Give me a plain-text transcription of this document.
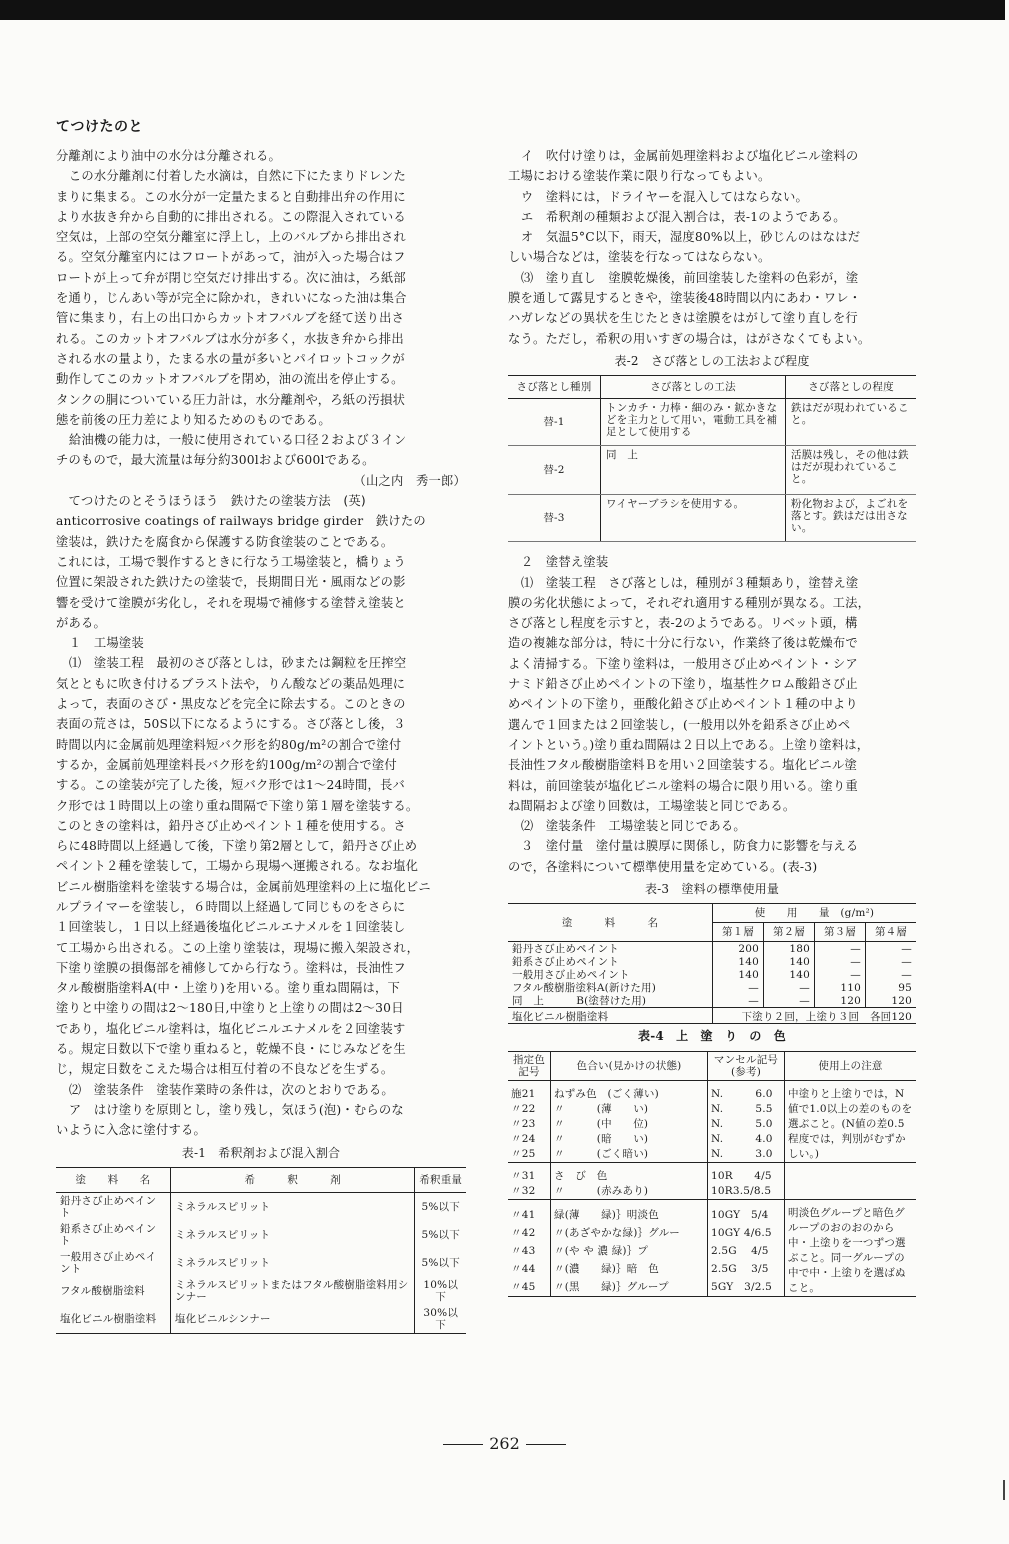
てつけたのと

分離剤により油中の水分は分離される。

この水分離剤に付着した水滴は，自然に下にたまりドレンた

まりに集まる。この水分が一定量たまると自動排出弁の作用に

より水抜き弁から自動的に排出される。この際混入されている

空気は，上部の空気分離室に浮上し，上のバルブから排出され

る。空気分離室内にはフロートがあって，油が入った場合はフ

ロートが上って弁が閉じ空気だけ排出する。次に油は，ろ紙部

を通り，じんあい等が完全に除かれ，きれいになった油は集合

管に集まり，右上の出口からカットオフバルブを経て送り出さ

れる。このカットオフバルブは水分が多く，水抜き弁から排出

される水の量より，たまる水の量が多いとパイロットコックが

動作してこのカットオフバルブを閉め，油の流出を停止する。

タンクの胴についている圧力計は，水分離剤や，ろ紙の汚損状

態を前後の圧力差により知るためのものである。

給油機の能力は，一般に使用されている口径２および３イン

チのもので，最大流量は毎分約300lおよび600lである。

（山之内　秀一郎）

　てつけたのとそうほうほう　鉄けたの塗装方法　(英)

anticorrosive coatings of railways bridge girder　鉄けたの

塗装は，鉄けたを腐食から保護する防食塗装のことである。

これには，工場で製作するときに行なう工場塗装と，橋りょう

位置に架設された鉄けたの塗装で，長期間日光・風雨などの影

響を受けて塗膜が劣化し，それを現場で補修する塗替え塗装と

がある。

１　工場塗装

⑴　塗装工程　最初のさび落としは，砂または鋼粒を圧搾空

気とともに吹き付けるブラスト法や，りん酸などの薬品処理に

よって，表面のさび・黒皮などを完全に除去する。このときの

表面の荒さは，50S以下になるようにする。さび落とし後，３

時間以内に金属前処理塗料短バク形を約80g/m²の割合で塗付

するか，金属前処理塗料長バク形を約100g/m²の割合で塗付

する。この塗装が完了した後，短バク形では1～24時間，長バ

ク形では１時間以上の塗り重ね間隔で下塗り第１層を塗装する。

このときの塗料は，鉛丹さび止めペイント１種を使用する。さ

らに48時間以上経過して後，下塗り第2層として，鉛丹さび止め

ペイント２種を塗装して，工場から現場へ運搬される。なお塩化

ビニル樹脂塗料を塗装する場合は，金属前処理塗料の上に塩化ビニ

ルプライマーを塗装し，６時間以上経過して同じものをさらに

１回塗装し，１日以上経過後塩化ビニルエナメルを１回塗装し

て工場から出される。この上塗り塗装は，現場に搬入架設され，

下塗り塗膜の損傷部を補修してから行なう。塗料は，長油性フ

タル酸樹脂塗料A(中・上塗り)を用いる。塗り重ね間隔は，下

塗りと中塗りの間は2～180日,中塗りと上塗りの間は2～30日

であり，塩化ビニル塗料は，塩化ビニルエナメルを２回塗装す

る。規定日数以下で塗り重ねると，乾燥不良・にじみなどを生

じ，規定日数をこえた場合は相互付着の不良などを生ずる。

⑵　塗装条件　塗装作業時の条件は，次のとおりである。

ア　はけ塗りを原則とし，塗り残し，気ほう(泡)・むらのな

いように入念に塗付する。

表-1　希釈剤および混入割合

塗　　料　　名	希　　　釈　　　剤	希釈重量
鉛丹さび止めペイント	ミネラルスピリット	5%以下
鉛系さび止めペイント	ミネラルスピリット	5%以下
一般用さび止めペイント	ミネラルスピリット	5%以下
フタル酸樹脂塗料	ミネラルスピリットまたはフタル酸樹脂塗料用シンナー	10%以下
塩化ビニル樹脂塗料	塩化ビニルシンナー	30%以下

イ　吹付け塗りは，金属前処理塗料および塩化ビニル塗料の

工場における塗装作業に限り行なってもよい。

ウ　塗料には，ドライヤーを混入してはならない。

エ　希釈剤の種類および混入割合は，表-1のようである。

オ　気温5°C以下，雨天，湿度80%以上，砂じんのはなはだ

しい場合などは，塗装を行なってはならない。

⑶　塗り直し　塗膜乾燥後，前回塗装した塗料の色彩が，塗

膜を通して露見するときや，塗装後48時間以内にあわ・ワレ・

ハガレなどの異状を生じたときは塗膜をはがして塗り直しを行

なう。ただし，希釈の用いすぎの場合は，はがさなくてもよい。

表-2　さび落としの工法および程度

さび落とし種別	さび落としの工法	さび落としの程度
替-1	トンカチ・力棒・細のみ・鉱かきなどを主力として用い，電動工具を補足として使用する	鉄はだが現われていること。
替-2	同　上	活膜は残し，その他は鉄はだが現われていること。
替-3	ワイヤーブラシを使用する。	粉化物および，よごれを落とす。鉄はだは出さない。

２　塗替え塗装

⑴　塗装工程　さび落としは，種別が３種類あり，塗替え塗

膜の劣化状態によって，それぞれ適用する種別が異なる。工法，

さび落とし程度を示すと，表-2のようである。リベット頭，構

造の複雑な部分は，特に十分に行ない，作業終了後は乾燥布で

よく清掃する。下塗り塗料は，一般用さび止めペイント・シア

ナミド鉛さび止めペイントの下塗り，塩基性クロム酸鉛さび止

めペイントの下塗り，亜酸化鉛さび止めペイント１種の中より

選んで１回または２回塗装し，(一般用以外を鉛系さび止めペ

イントという。)塗り重ね間隔は２日以上である。上塗り塗料は，

長油性フタル酸樹脂塗料Ｂを用い２回塗装する。塩化ビニル塗

料は，前回塗装が塩化ビニル塗料の場合に限り用いる。塗り重

ね間隔および塗り回数は，工場塗装と同じである。

⑵　塗装条件　工場塗装と同じである。

３　塗付量　塗付量は膜厚に関係し，防食力に影響を与える

ので，各塗料について標準使用量を定めている。(表-3)

表-3　塗料の標準使用量

塗　　　料　　　名	使　　用　　量　(g/m²)			
	第１層	第２層	第３層	第４層
鉛丹さび止めペイント	200	180	—	—
鉛系さび止めペイント	140	140	—	—
一般用さび止めペイント	140	140	—	—
フタル酸樹脂塗料A(新けた用)	—	—	110	95
同　上　　　B(塗替けた用)	—	—	120	120
塩化ビニル樹脂塗料	下塗り２回，上塗り３回　各回120			

表-4　上　塗　り　の　色

指定色記号	色合い(見かけの状態)	マンセル記号(参考)	使用上の注意
施21	ねずみ色　(ごく薄い)	N.　　　6.0	中塗りと上塗りでは，N値で1.0以上の差のものを選ぶこと。(N値の差0.5程度では，判別がむずかしい。)
〃22	〃　　　(薄　　い)	N.　　　5.5	
〃23	〃　　　(中　　位)	N.　　　5.0	
〃24	〃　　　(暗　　い)	N.　　　4.0	
〃25	〃　　　(ごく暗い)	N.　　　3.0	
〃31	さ　び　色	10R　　4/5	
〃32	〃　　　(赤みあり)	10R3.5/8.5	
〃41	緑(薄　　緑)｝明淡色	10GY　5/4	明淡色グループと暗色グループのおのおのから中・上塗りを一つずつ選ぶこと。同一グループの中で中・上塗りを選ばぬこと。
〃42	〃(あざやかな緑)｝グルー	10GY 4/6.5	
〃43	〃(や や 濃 緑)｝プ	2.5G　 4/5	
〃44	〃(濃　　緑)｝暗　色	2.5G　 3/5	
〃45	〃(黒　　緑)｝グループ	5GY　3/2.5	
262
